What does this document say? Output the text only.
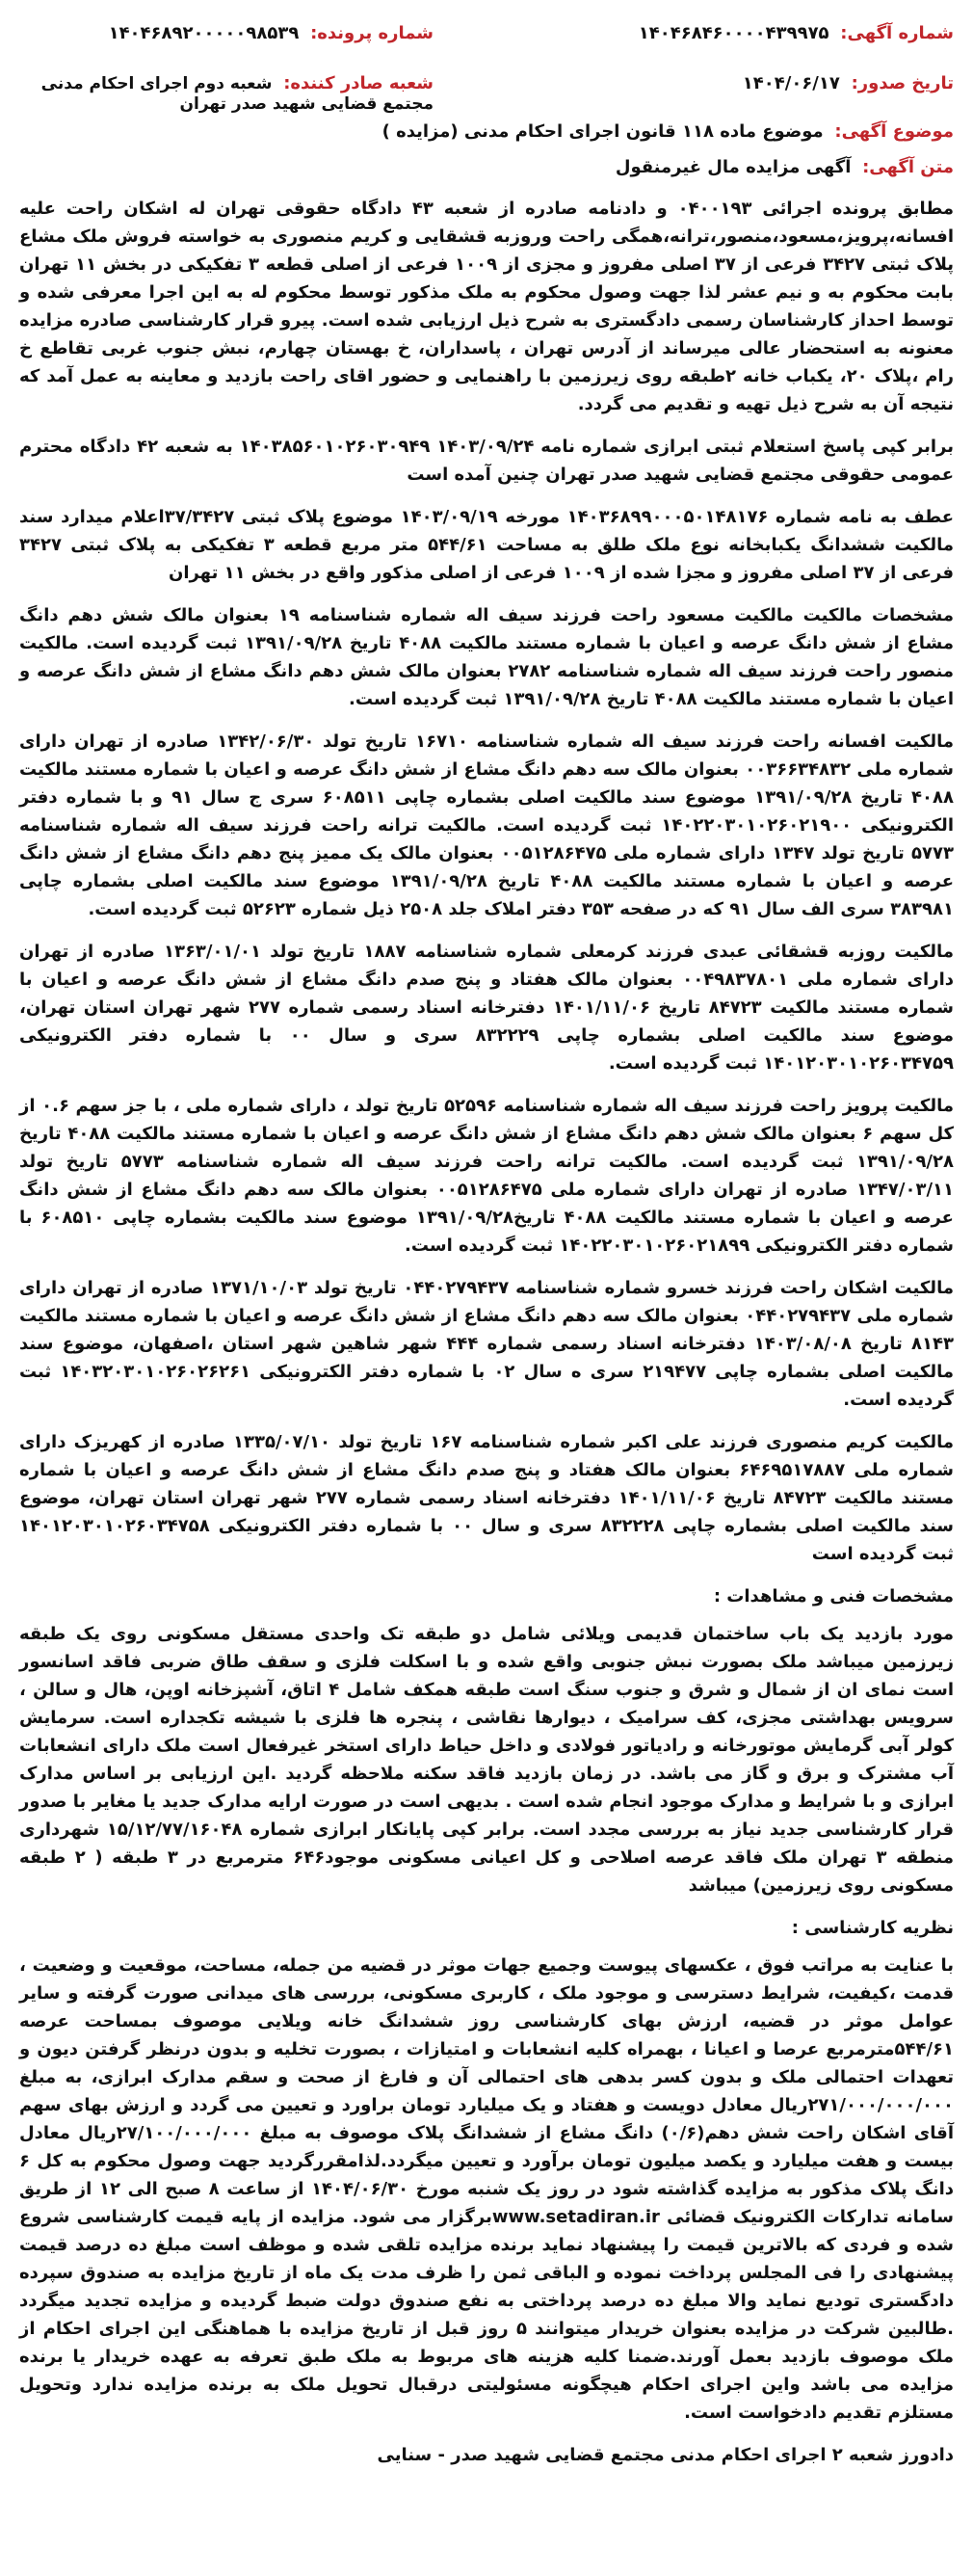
شماره آگهی: ۱۴۰۴۶۸۴۶۰۰۰۰۴۳۹۹۷۵
شماره پرونده: ۱۴۰۴۶۸۹۲۰۰۰۰۰۹۸۵۳۹
تاریخ صدور: ۱۴۰۴/۰۶/۱۷
شعبه صادر کننده: شعبه دوم اجرای احکام مدنی مجتمع قضایی شهید صدر تهران
موضوع آگهی: موضوع ماده ۱۱۸ قانون اجرای احکام مدنی (مزایده )
متن آگهی: آگهی مزایده مال غیرمنقول

مطابق پرونده اجرائی ۰۴۰۰۱۹۳ و دادنامه صادره از شعبه ۴۳ دادگاه حقوقی تهران له اشکان راحت علیه افسانه،پرویز،مسعود،منصور،ترانه،همگی راحت وروزبه قشقایی و کریم منصوری به خواسته فروش ملک مشاع پلاک ثبتی ۳۴۲۷ فرعی از ۳۷ اصلی مفروز و مجزی از ۱۰۰۹ فرعی از اصلی قطعه ۳ تفکیکی در بخش ۱۱ تهران بابت محکوم به و نیم عشر لذا جهت وصول محکوم به ملک مذکور توسط محکوم له به این اجرا معرفی شده و توسط احداز کارشناسان رسمی دادگستری به شرح ذیل ارزیابی شده است. پیرو قرار کارشناسی صادره مزایده معنونه به استحضار عالی میرساند از آدرس تهران ، پاسداران، خ بهستان چهارم، نبش جنوب غربی تقاطع خ رام ،پلاک ۲۰، یکباب خانه ۲طبقه روی زیرزمین با راهنمایی و حضور اقای راحت بازدید و معاینه به عمل آمد که نتیجه آن به شرح ذیل تهیه و تقدیم می گردد.

برابر کپی پاسخ استعلام ثبتی ابرازی شماره نامه ۱۴۰۳/۰۹/۲۴ ۱۴۰۳۸۵۶۰۱۰۲۶۰۳۰۹۴۹ به شعبه ۴۲ دادگاه محترم عمومی حقوقی مجتمع قضایی شهید صدر تهران چنین آمده است

عطف به نامه شماره ۱۴۰۳۶۸۹۹۰۰۰۵۰۱۴۸۱۷۶ مورخه ۱۴۰۳/۰۹/۱۹ موضوع پلاک ثبتی ۳۷/۳۴۲۷اعلام میدارد سند مالکیت ششدانگ یکبابخانه نوع ملک طلق به مساحت ۵۴۴/۶۱ متر مربع قطعه ۳ تفکیکی به پلاک ثبتی ۳۴۲۷ فرعی از ۳۷ اصلی مفروز و مجزا شده از ۱۰۰۹ فرعی از اصلی مذکور واقع در بخش ۱۱ تهران

مشخصات مالکیت مالکیت مسعود راحت فرزند سیف اله شماره شناسنامه ۱۹ بعنوان مالک شش دهم دانگ مشاع از شش دانگ عرصه و اعیان با شماره مستند مالکیت ۴۰۸۸ تاریخ ۱۳۹۱/۰۹/۲۸ ثبت گردیده است. مالکیت منصور راحت فرزند سیف اله شماره شناسنامه ۲۷۸۲ بعنوان مالک شش دهم دانگ مشاع از شش دانگ عرصه و اعیان با شماره مستند مالکیت ۴۰۸۸ تاریخ ۱۳۹۱/۰۹/۲۸ ثبت گردیده است.

مالکیت افسانه راحت فرزند سیف اله شماره شناسنامه ۱۶۷۱۰ تاریخ تولد ۱۳۴۲/۰۶/۳۰ صادره از تهران دارای شماره ملی ۰۰۳۶۶۳۴۸۳۲ بعنوان مالک سه دهم دانگ مشاع از شش دانگ عرصه و اعیان با شماره مستند مالکیت ۴۰۸۸ تاریخ ۱۳۹۱/۰۹/۲۸ موضوع سند مالکیت اصلی بشماره چاپی ۶۰۸۵۱۱ سری ج سال ۹۱ و با شماره دفتر الکترونیکی ۱۴۰۲۲۰۳۰۱۰۲۶۰۲۱۹۰۰ ثبت گردیده است. مالکیت ترانه راحت فرزند سیف اله شماره شناسنامه ۵۷۷۳ تاریخ تولد ۱۳۴۷ دارای شماره ملی ۰۰۵۱۲۸۶۴۷۵ بعنوان مالک یک ممیز پنج دهم دانگ مشاع از شش دانگ عرصه و اعیان با شماره مستند مالکیت ۴۰۸۸ تاریخ ۱۳۹۱/۰۹/۲۸ موضوع سند مالکیت اصلی بشماره چاپی ۳۸۳۹۸۱ سری الف سال ۹۱ که در صفحه ۳۵۳ دفتر املاک جلد ۲۵۰۸ ذیل شماره ۵۲۶۲۳ ثبت گردیده است.

مالکیت روزبه قشقائی عبدی فرزند کرمعلی شماره شناسنامه ۱۸۸۷ تاریخ تولد ۱۳۶۳/۰۱/۰۱ صادره از تهران دارای شماره ملی ۰۰۴۹۸۳۷۸۰۱ بعنوان مالک هفتاد و پنج صدم دانگ مشاع از شش دانگ عرصه و اعیان با شماره مستند مالکیت ۸۴۷۲۳ تاریخ ۱۴۰۱/۱۱/۰۶ دفترخانه اسناد رسمی شماره ۲۷۷ شهر تهران استان تهران، موضوع سند مالکیت اصلی بشماره چاپی ۸۳۲۲۲۹ سری و سال ۰۰ با شماره دفتر الکترونیکی ۱۴۰۱۲۰۳۰۱۰۲۶۰۳۴۷۵۹ ثبت گردیده است.

مالکیت پرویز راحت فرزند سیف اله شماره شناسنامه ۵۲۵۹۶ تاریخ تولد ، دارای شماره ملی ، با جز سهم ۰.۶ از کل سهم ۶ بعنوان مالک شش دهم دانگ مشاع از شش دانگ عرصه و اعیان با شماره مستند مالکیت ۴۰۸۸ تاریخ ۱۳۹۱/۰۹/۲۸ ثبت گردیده است. مالکیت ترانه راحت فرزند سیف اله شماره شناسنامه ۵۷۷۳ تاریخ تولد ۱۳۴۷/۰۳/۱۱ صادره از تهران دارای شماره ملی ۰۰۵۱۲۸۶۴۷۵ بعنوان مالک سه دهم دانگ مشاع از شش دانگ عرصه و اعیان با شماره مستند مالکیت ۴۰۸۸ تاریخ۱۳۹۱/۰۹/۲۸ موضوع سند مالکیت بشماره چاپی ۶۰۸۵۱۰ با شماره دفتر الکترونیکی ۱۴۰۲۲۰۳۰۱۰۲۶۰۲۱۸۹۹ ثبت گردیده است.

مالکیت اشکان راحت فرزند خسرو شماره شناسنامه ۰۴۴۰۲۷۹۴۳۷ تاریخ تولد ۱۳۷۱/۱۰/۰۳ صادره از تهران دارای شماره ملی ۰۴۴۰۲۷۹۴۳۷ بعنوان مالک سه دهم دانگ مشاع از شش دانگ عرصه و اعیان با شماره مستند مالکیت ۸۱۴۳ تاریخ ۱۴۰۳/۰۸/۰۸ دفترخانه اسناد رسمی شماره ۴۴۴ شهر شاهین شهر استان ،اصفهان، موضوع سند مالکیت اصلی بشماره چاپی ۲۱۹۴۷۷ سری ه سال ۰۲ با شماره دفتر الکترونیکی ۱۴۰۳۲۰۳۰۱۰۲۶۰۲۶۲۶۱ ثبت گردیده است.

مالکیت کریم منصوری فرزند علی اکبر شماره شناسنامه ۱۶۷ تاریخ تولد ۱۳۳۵/۰۷/۱۰ صادره از کهریزک دارای شماره ملی ۶۴۶۹۵۱۷۸۸۷ بعنوان مالک هفتاد و پنج صدم دانگ مشاع از شش دانگ عرصه و اعیان با شماره مستند مالکیت ۸۴۷۲۳ تاریخ ۱۴۰۱/۱۱/۰۶ دفترخانه اسناد رسمی شماره ۲۷۷ شهر تهران استان تهران، موضوع سند مالکیت اصلی بشماره چاپی ۸۳۲۲۲۸ سری و سال ۰۰ با شماره دفتر الکترونیکی ۱۴۰۱۲۰۳۰۱۰۲۶۰۳۴۷۵۸ ثبت گردیده است

مشخصات فنی و مشاهدات :

مورد بازدید یک باب ساختمان قدیمی ویلائی شامل دو طبقه تک واحدی مستقل مسکونی روی یک طبقه زیرزمین میباشد ملک بصورت نبش جنوبی واقع شده و با اسکلت فلزی و سقف طاق ضربی فاقد اسانسور است نمای ان از شمال و شرق و جنوب سنگ است طبقه همکف شامل ۴ اتاق، آشپزخانه اوپن، هال و سالن ، سرویس بهداشتی مجزی، کف سرامیک ، دیوارها نقاشی ، پنجره ها فلزی با شیشه تکجداره است. سرمایش کولر آبی گرمایش موتورخانه و رادیاتور فولادی و داخل حیاط دارای استخر غیرفعال است ملک دارای انشعابات آب مشترک و برق و گاز می باشد. در زمان بازدید فاقد سکنه ملاحظه گردید .این ارزیابی بر اساس مدارک ابرازی و با شرایط و مدارک موجود انجام شده است . بدیهی است در صورت ارایه مدارک جدید یا مغایر با صدور قرار کارشناسی جدید نیاز به بررسی مجدد است. برابر کپی پایانکار ابرازی شماره ۱۵/۱۲/۷۷/۱۶۰۴۸ شهرداری منطقه ۳ تهران ملک فاقد عرصه اصلاحی و کل اعیانی مسکونی موجود۶۴۶ مترمربع در ۳ طبقه ( ۲ طبقه مسکونی روی زیرزمین) میباشد

نظریه کارشناسی :

با عنایت به مراتب فوق ، عکسهای پیوست وجمیع جهات موثر در قضیه من جمله، مساحت، موقعیت و وضعیت ، قدمت ،کیفیت، شرایط دسترسی و موجود ملک ، کاربری مسکونی، بررسی های میدانی صورت گرفته و سایر عوامل موثر در قضیه، ارزش بهای کارشناسی روز ششدانگ خانه ویلایی موصوف بمساحت عرصه ۵۴۴/۶۱مترمربع عرصا و اعیانا ، بهمراه کلیه انشعابات و امتیازات ، بصورت تخلیه و بدون درنظر گرفتن دیون و تعهدات احتمالی ملک و بدون کسر بدهی های احتمالی آن و فارغ از صحت و سقم مدارک ابرازی، به مبلغ ۲۷۱/۰۰۰/۰۰۰/۰۰۰ریال معادل دویست و هفتاد و یک میلیارد تومان براورد و تعیین می گردد و ارزش بهای سهم آقای اشکان راحت شش دهم(۰/۶) دانگ مشاع از ششدانگ پلاک موصوف به مبلغ ۲۷/۱۰۰/۰۰۰/۰۰۰ریال معادل بیست و هفت میلیارد و یکصد میلیون تومان برآورد و تعیین میگردد.لذامقررگردید جهت وصول محکوم به کل ۶ دانگ پلاک مذکور به مزایده گذاشته شود در روز یک شنبه مورخ ۱۴۰۴/۰۶/۳۰ از ساعت ۸ صبح الی ۱۲ از طریق سامانه تدارکات الکترونیک قضائی www.setadiran.irبرگزار می شود. مزایده از پایه قیمت کارشناسی شروع شده و فردی که بالاترین قیمت را پیشنهاد نماید برنده مزایده تلقی شده و موظف است مبلغ ده درصد قیمت پیشنهادی را فی المجلس پرداخت نموده و الباقی ثمن را ظرف مدت یک ماه از تاریخ مزایده به صندوق سپرده دادگستری تودیع نماید والا مبلغ ده درصد پرداختی به نفع صندوق دولت ضبط گردیده و مزایده تجدید میگردد .طالبین شرکت در مزایده بعنوان خریدار میتوانند ۵ روز قبل از تاریخ مزایده با هماهنگی این اجرای احکام از ملک موصوف بازدید بعمل آورند.ضمنا کلیه هزینه های مربوط به ملک طبق تعرفه به عهده خریدار یا برنده مزایده می باشد واین اجرای احکام هیچگونه مسئولیتی درقبال تحویل ملک به برنده مزایده ندارد وتحویل مستلزم تقدیم دادخواست است.

دادورز شعبه ۲ اجرای احکام مدنی مجتمع قضایی شهید صدر - سنایی
